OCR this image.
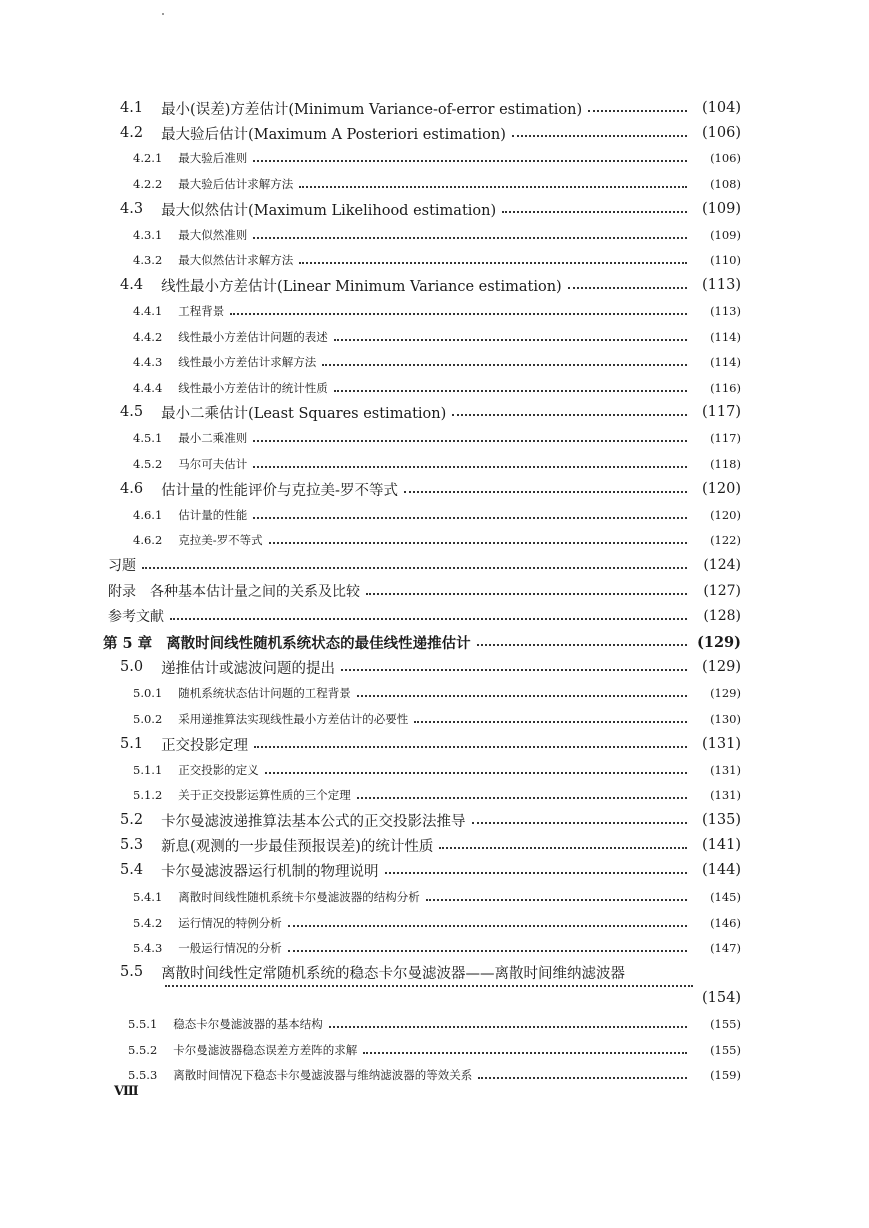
4.1 最小(误差)方差估计(Minimum Variance-of-error estimation)	(104)
4.2 最大验后估计(Maximum A Posteriori estimation)	(106)
4.2.1 最大验后准则	(106)
4.2.2 最大验后估计求解方法	(108)
4.3 最大似然估计(Maximum Likelihood estimation)	(109)
4.3.1 最大似然准则	(109)
4.3.2 最大似然估计求解方法	(110)
4.4 线性最小方差估计(Linear Minimum Variance estimation)	(113)
4.4.1 工程背景	(113)
4.4.2 线性最小方差估计问题的表述	(114)
4.4.3 线性最小方差估计求解方法	(114)
4.4.4 线性最小方差估计的统计性质	(116)
4.5 最小二乘估计(Least Squares estimation)	(117)
4.5.1 最小二乘准则	(117)
4.5.2 马尔可夫估计	(118)
4.6 估计量的性能评价与克拉美-罗不等式	(120)
4.6.1 估计量的性能	(120)
4.6.2 克拉美-罗不等式	(122)
习题	(124)
附录　各种基本估计量之间的关系及比较	(127)
参考文献	(128)
第 5 章 离散时间线性随机系统状态的最佳线性递推估计	(129)
5.0 递推估计或滤波问题的提出	(129)
5.0.1 随机系统状态估计问题的工程背景	(129)
5.0.2 采用递推算法实现线性最小方差估计的必要性	(130)
5.1 正交投影定理	(131)
5.1.1 正交投影的定义	(131)
5.1.2 关于正交投影运算性质的三个定理	(131)
5.2 卡尔曼滤波递推算法基本公式的正交投影法推导	(135)
5.3 新息(观测的一步最佳预报误差)的统计性质	(141)
5.4 卡尔曼滤波器运行机制的物理说明	(144)
5.4.1 离散时间线性随机系统卡尔曼滤波器的结构分析	(145)
5.4.2 运行情况的特例分析	(146)
5.4.3 一般运行情况的分析	(147)
5.5 离散时间线性定常随机系统的稳态卡尔曼滤波器——离散时间维纳滤波器
(154)
5.5.1 稳态卡尔曼滤波器的基本结构	(155)
5.5.2 卡尔曼滤波器稳态误差方差阵的求解	(155)
5.5.3 离散时间情况下稳态卡尔曼滤波器与维纳滤波器的等效关系	(159)
Ⅷ
